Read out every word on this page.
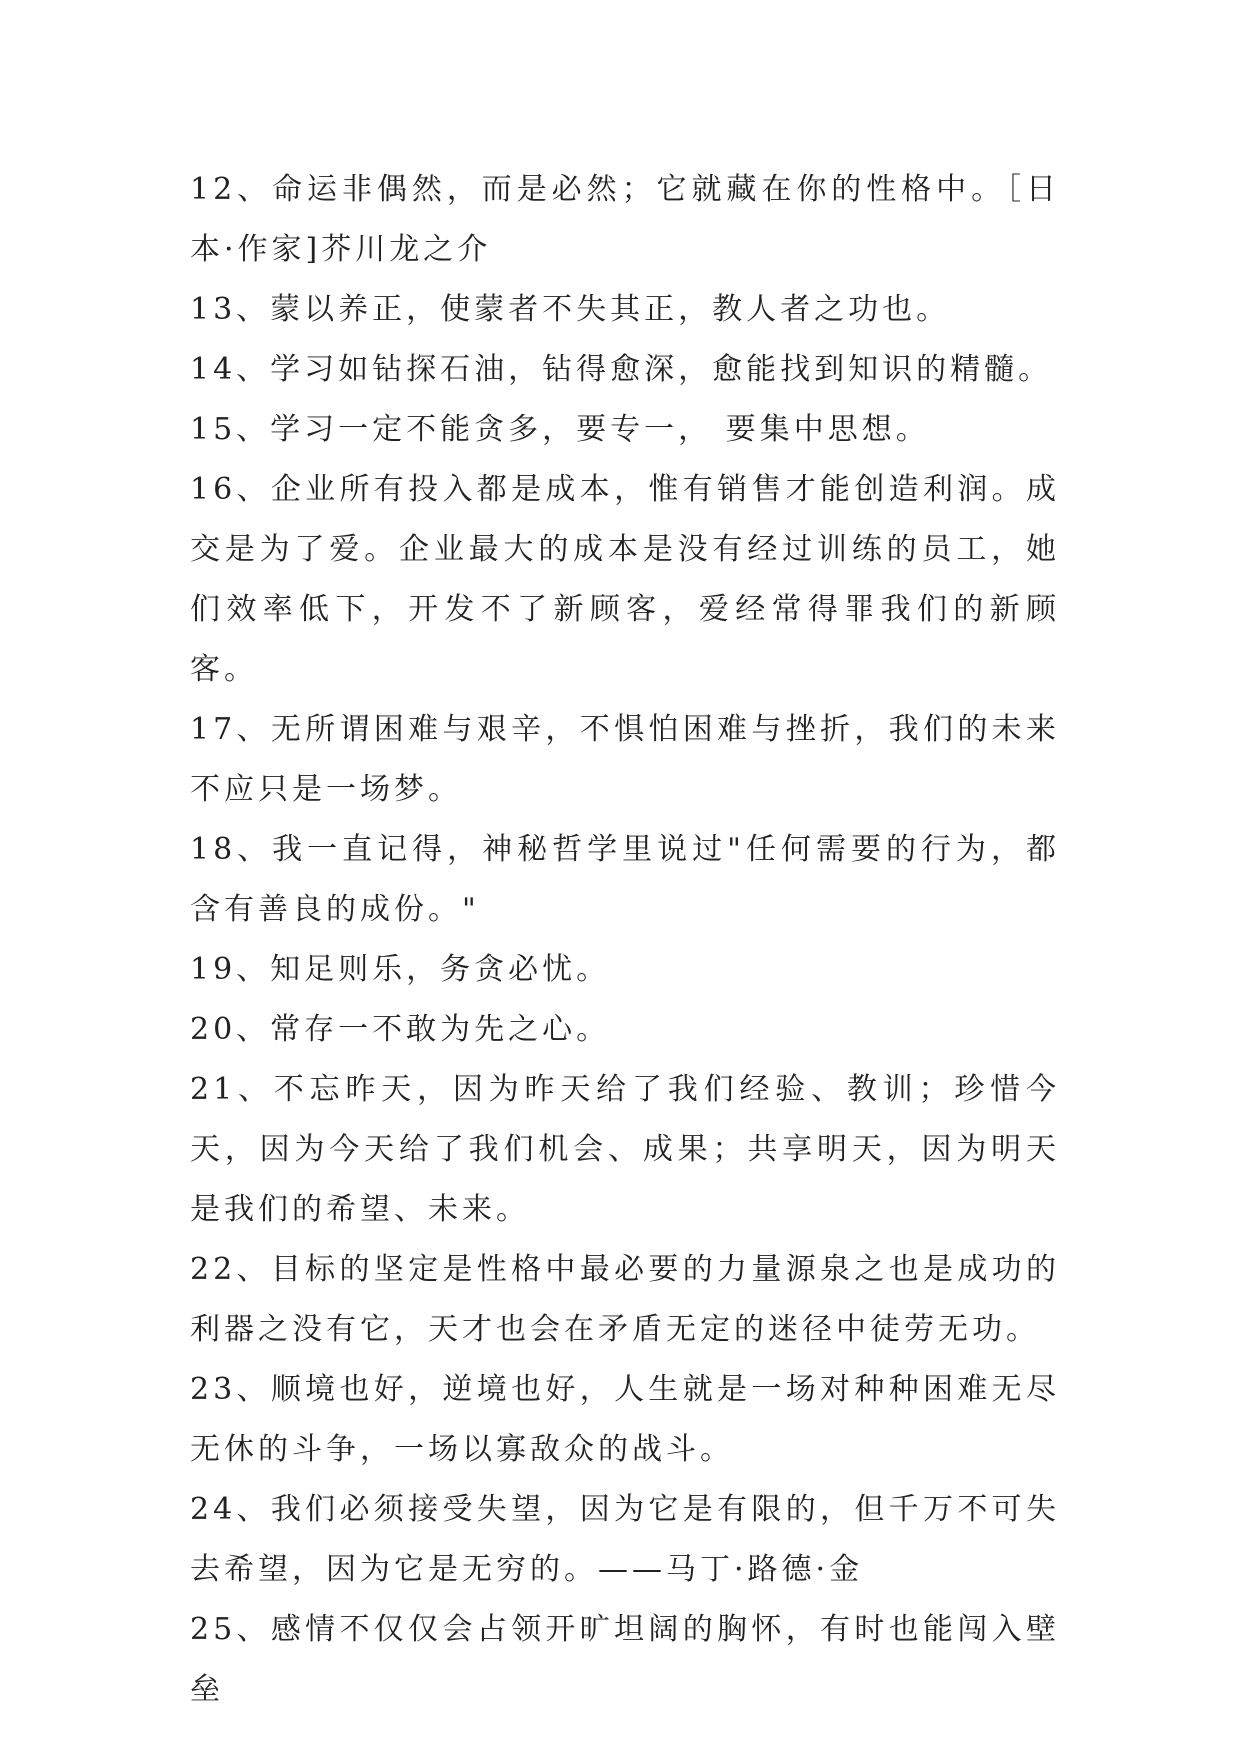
12、命运非偶然，而是必然；它就藏在你的性格中。［日本·作家]芥川龙之介

13、蒙以养正，使蒙者不失其正，教人者之功也。

14、学习如钻探石油，钻得愈深，愈能找到知识的精髓。

15、学习一定不能贪多，要专一， 要集中思想。

16、企业所有投入都是成本，惟有销售才能创造利润。成交是为了爱。企业最大的成本是没有经过训练的员工，她们效率低下，开发不了新顾客，爱经常得罪我们的新顾客。

17、无所谓困难与艰辛，不惧怕困难与挫折，我们的未来不应只是一场梦。

18、我一直记得，神秘哲学里说过"任何需要的行为，都含有善良的成份。"

19、知足则乐，务贪必忧。

20、常存一不敢为先之心。

21、不忘昨天，因为昨天给了我们经验、教训；珍惜今天，因为今天给了我们机会、成果；共享明天，因为明天是我们的希望、未来。

22、目标的坚定是性格中最必要的力量源泉之也是成功的利器之没有它，天才也会在矛盾无定的迷径中徒劳无功。

23、顺境也好，逆境也好，人生就是一场对种种困难无尽无休的斗争，一场以寡敌众的战斗。

24、我们必须接受失望，因为它是有限的，但千万不可失去希望，因为它是无穷的。——马丁·路德·金

25、感情不仅仅会占领开旷坦阔的胸怀，有时也能闯入壁垒
